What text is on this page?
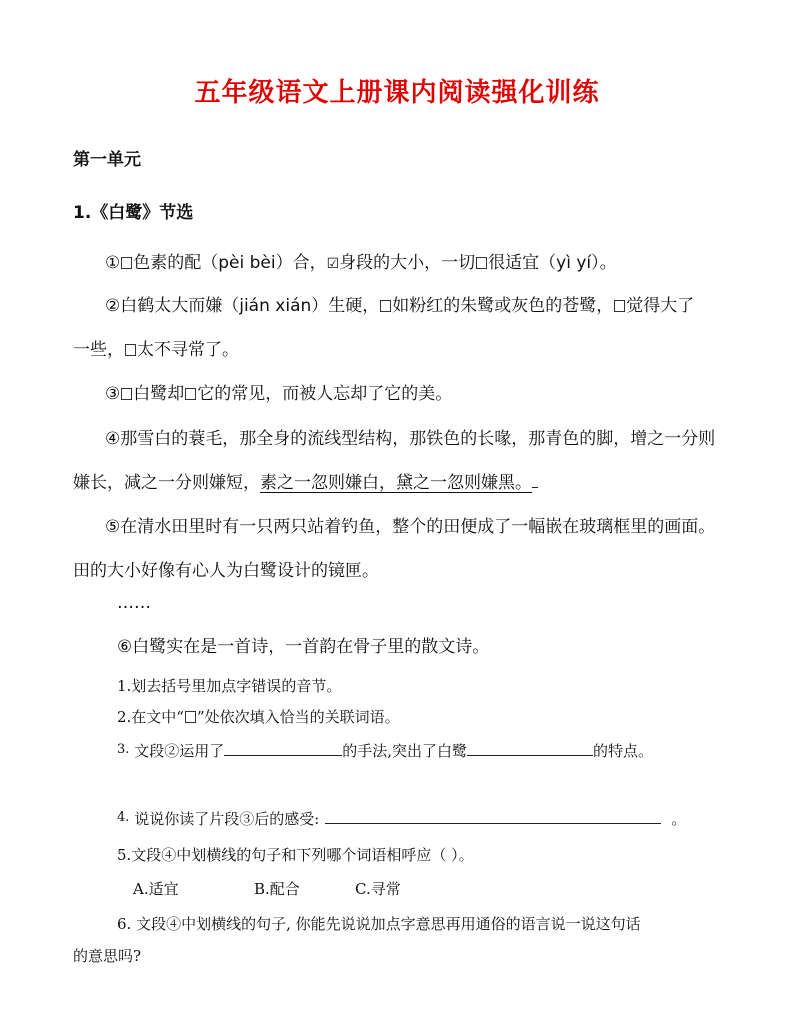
五年级语文上册课内阅读强化训练
第一单元
1.《白鹭》节选
① 色素的配（pèi bèi）合，☑身段的大小，一切 很适宜（yì yí）。
②白鹤太大而嫌（jián xián）生硬， 如粉红的朱鹭或灰色的苍鹭， 觉得大了
一些， 太不寻常了。
③ 白鹭却 它的常见，而被人忘却了它的美。
④那雪白的蓑毛，那全身的流线型结构，那铁色的长喙，那青色的脚，增之一分则
嫌长，减之一分则嫌短，素之一忽则嫌白，黛之一忽则嫌黑。
⑤在清水田里时有一只两只站着钓鱼，整个的田便成了一幅嵌在玻璃框里的画面。
田的大小好像有心人为白鹭设计的镜匣。
……
⑥白鹭实在是一首诗，一首韵在骨子里的散文诗。
1.划去括号里加点字错误的音节。
2.在文中“ ”处依次填入恰当的关联词语。
3. 文段②运用了	的手法,突出了白鹭	的特点。
4. 说说你读了片段③后的感受:	。
5.文段④中划横线的句子和下列哪个词语相呼应（ ）。
A.适宜	B.配合	C.寻常
6. 文段④中划横线的句子, 你能先说说加点字意思再用通俗的语言说一说这句话
的意思吗?
